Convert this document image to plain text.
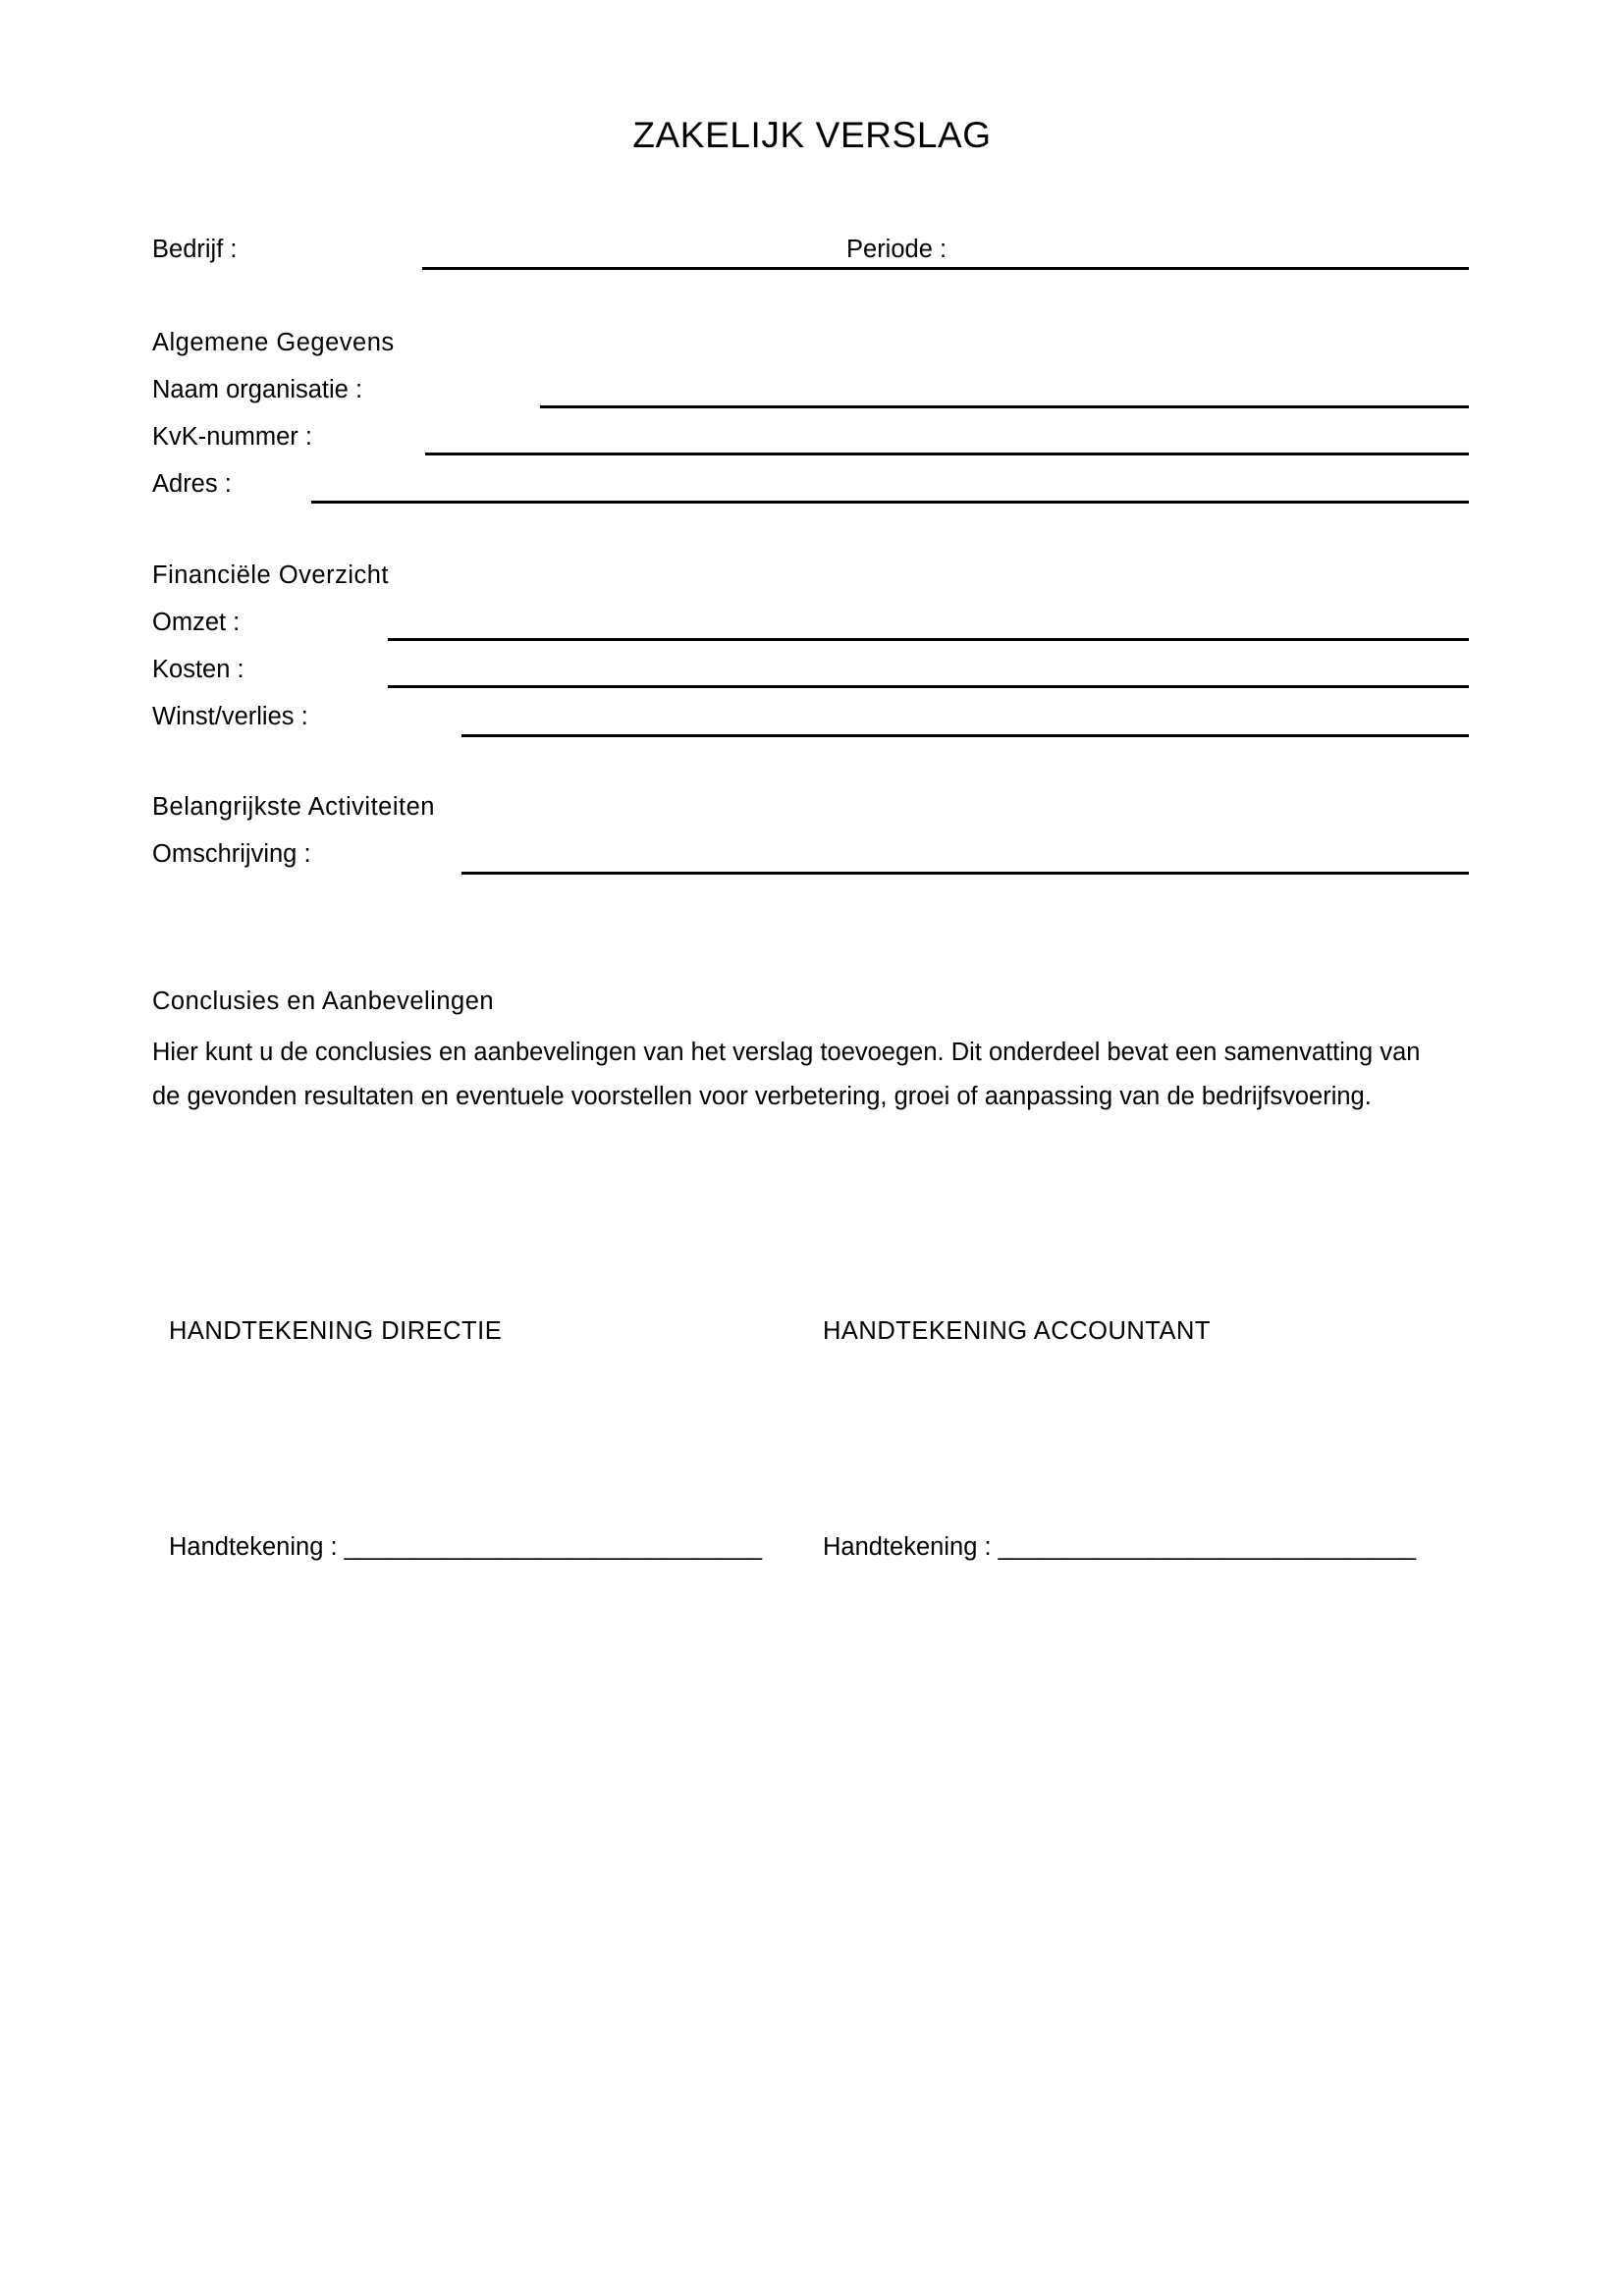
ZAKELIJK VERSLAG
Bedrijf :	Periode :
Algemene Gegevens
Naam organisatie :
KvK-nummer :
Adres :
Financiële Overzicht
Omzet :
Kosten :
Winst/verlies :
Belangrijkste Activiteiten
Omschrijving :
Conclusies en Aanbevelingen
Hier kunt u de conclusies en aanbevelingen van het verslag toevoegen. Dit onderdeel bevat een samenvatting van de gevonden resultaten en eventuele voorstellen voor verbetering, groei of aanpassing van de bedrijfsvoering.
HANDTEKENING DIRECTIE	HANDTEKENING ACCOUNTANT
Handtekening : ______________________________ Handtekening : ______________________________
